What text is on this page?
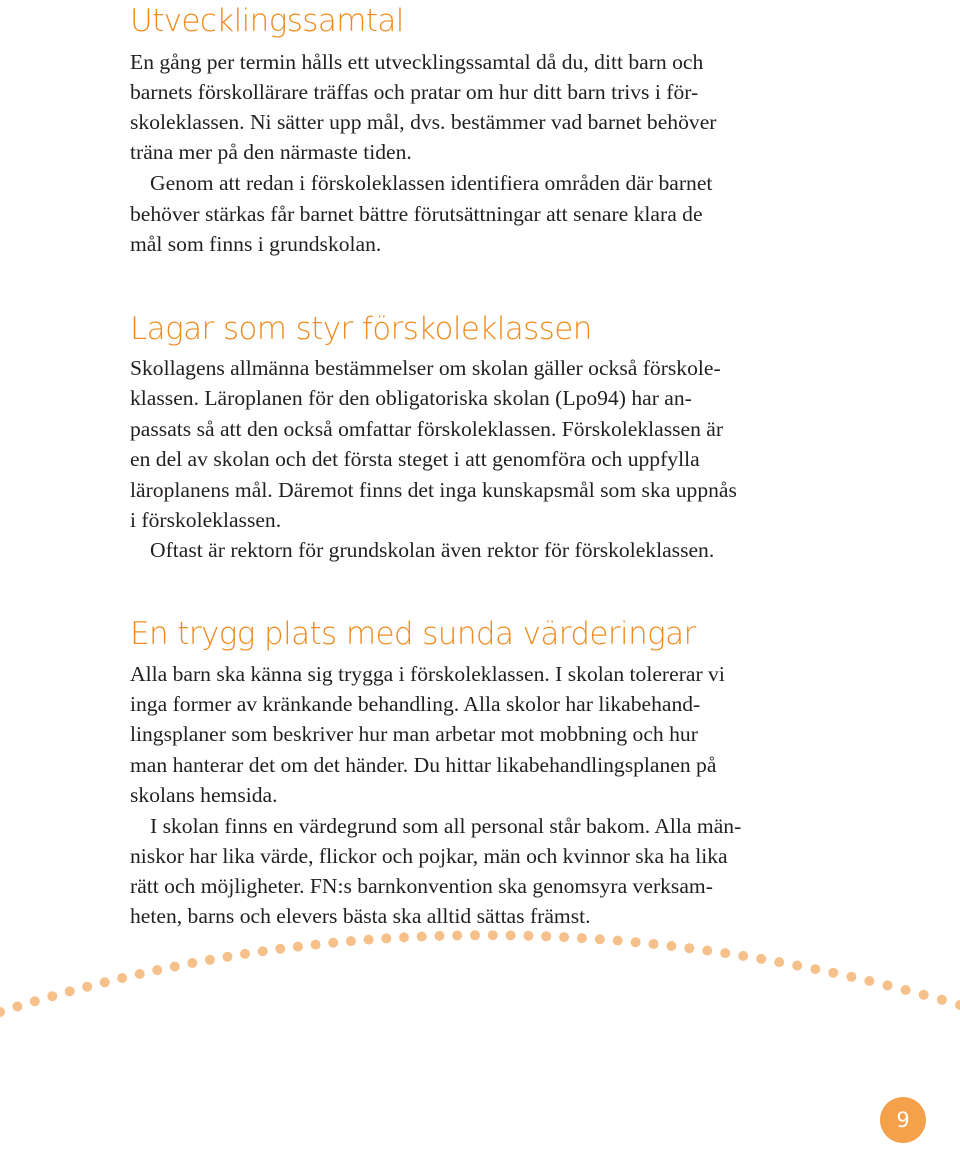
Utvecklingssamtal

En gång per termin hålls ett utvecklingssamtal då du, ditt barn och

barnets förskollärare träffas och pratar om hur ditt barn trivs i för-

skoleklassen. Ni sätter upp mål, dvs. bestämmer vad barnet behöver

träna mer på den närmaste tiden.

Genom att redan i förskoleklassen identifiera områden där barnet

behöver stärkas får barnet bättre förutsättningar att senare klara de

mål som finns i grundskolan.

Lagar som styr förskoleklassen

Skollagens allmänna bestämmelser om skolan gäller också förskole-

klassen. Läroplanen för den obligatoriska skolan (Lpo94) har an-

passats så att den också omfattar förskoleklassen. Förskoleklassen är

en del av skolan och det första steget i att genomföra och uppfylla

läroplanens mål. Däremot finns det inga kunskapsmål som ska uppnås

i förskoleklassen.

Oftast är rektorn för grundskolan även rektor för förskoleklassen.

En trygg plats med sunda värderingar

Alla barn ska känna sig trygga i förskoleklassen. I skolan tolererar vi

inga former av kränkande behandling. Alla skolor har likabehand-

lingsplaner som beskriver hur man arbetar mot mobbning och hur

man hanterar det om det händer. Du hittar likabehandlingsplanen på

skolans hemsida.

I skolan finns en värdegrund som all personal står bakom. Alla män-

niskor har lika värde, flickor och pojkar, män och kvinnor ska ha lika

rätt och möjligheter. FN:s barnkonvention ska genomsyra verksam-

heten, barns och elevers bästa ska alltid sättas främst.

9
